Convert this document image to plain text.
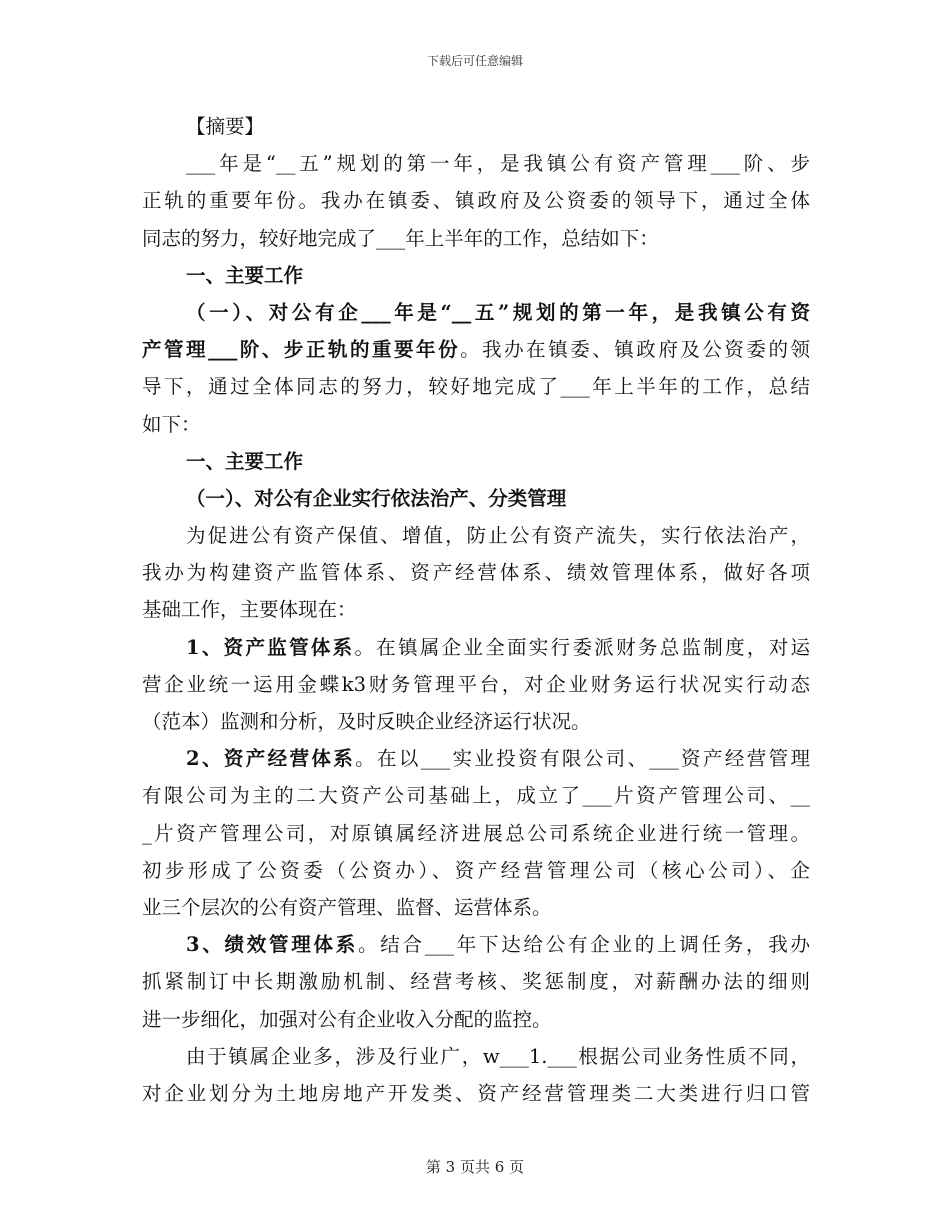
下载后可任意编辑
【摘要】
___年是“__五”规划的第一年，是我镇公有资产管理___阶、步
正轨的重要年份。我办在镇委、镇政府及公资委的领导下，通过全体
同志的努力，较好地完成了___年上半年的工作，总结如下：
一、主要工作
（一）、对公有企___年是“__五”规划的第一年，是我镇公有资
产管理___阶、步正轨的重要年份。我办在镇委、镇政府及公资委的领
导下，通过全体同志的努力，较好地完成了___年上半年的工作，总结
如下：
一、主要工作
（一）、对公有企业实行依法治产、分类管理
为促进公有资产保值、增值，防止公有资产流失，实行依法治产，
我办为构建资产监管体系、资产经营体系、绩效管理体系，做好各项
基础工作，主要体现在：
1、资产监管体系。在镇属企业全面实行委派财务总监制度，对运
营企业统一运用金蝶k3财务管理平台，对企业财务运行状况实行动态
（范本）监测和分析，及时反映企业经济运行状况。
2、资产经营体系。在以___实业投资有限公司、___资产经营管理
有限公司为主的二大资产公司基础上，成立了___片资产管理公司、__
_片资产管理公司，对原镇属经济进展总公司系统企业进行统一管理。
初步形成了公资委（公资办）、资产经营管理公司（核心公司）、企
业三个层次的公有资产管理、监督、运营体系。
3、绩效管理体系。结合___年下达给公有企业的上调任务，我办
抓紧制订中长期激励机制、经营考核、奖惩制度，对薪酬办法的细则
进一步细化，加强对公有企业收入分配的监控。
由于镇属企业多，涉及行业广，w___1.___根据公司业务性质不同，
对企业划分为土地房地产开发类、资产经营管理类二大类进行归口管
第 3 页共 6 页
